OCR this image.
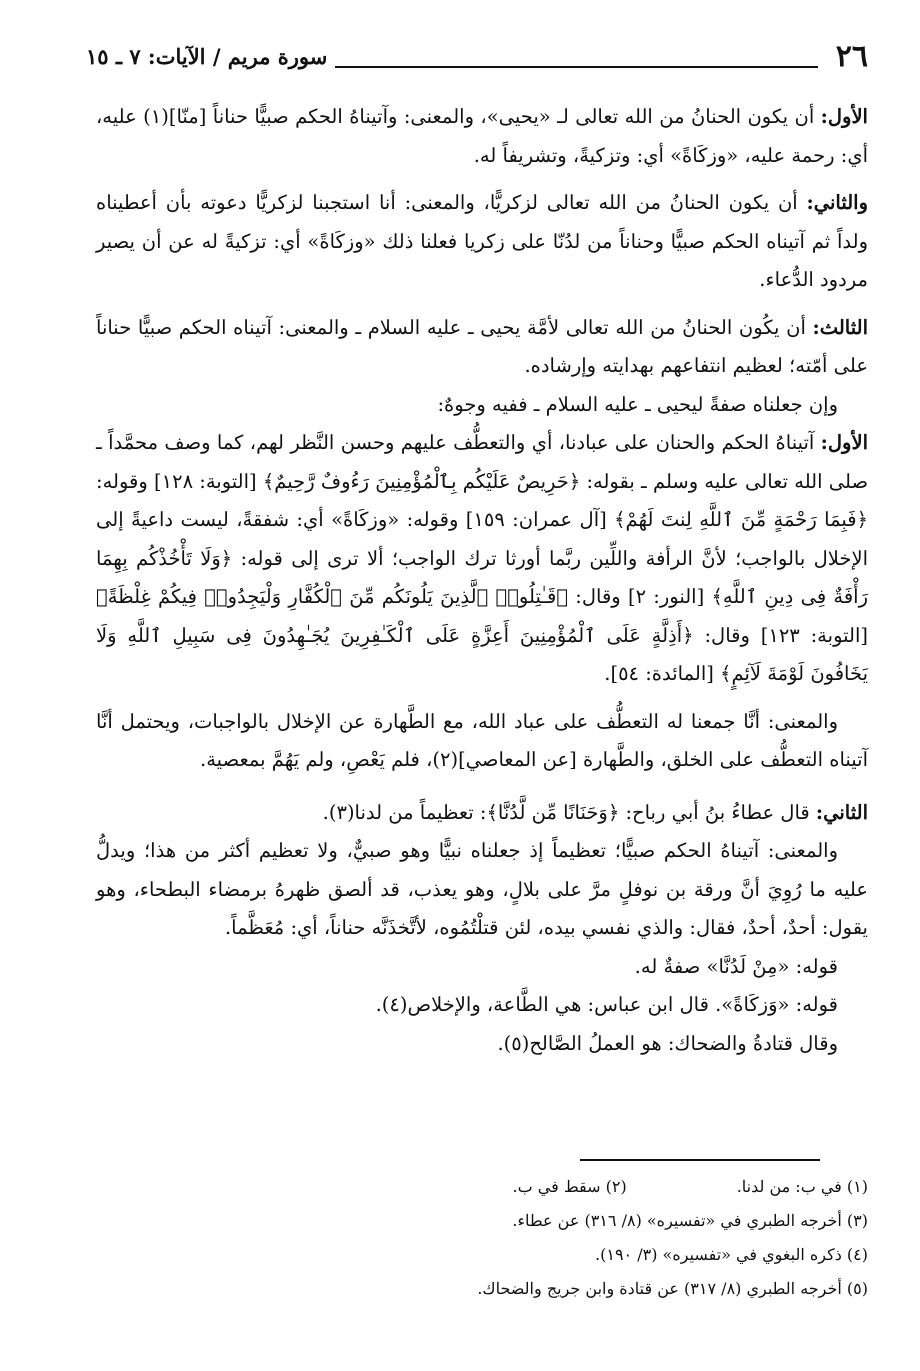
٢٦
سورة مريم / الآيات: ٧ ـ ١٥

الأول: أن يكون الحنانُ من الله تعالى لـ «يحيى»، والمعنى: وآتيناهُ الحكم صبيًّا حناناً [منّا](١) عليه، أي: رحمة عليه، «وزكَاةً» أي: وتزكيةً، وتشريفاً له.

والثاني: أن يكون الحنانُ من الله تعالى لزكريًّا، والمعنى: أنا استجبنا لزكريًّا دعوته بأن أعطيناه ولداً ثم آتيناه الحكم صبيًّا وحناناً من لدُنّا على زكريا فعلنا ذلك «وزكَاةً» أي: تزكيةً له عن أن يصير مردود الدُّعاء.

الثالث: أن يكُون الحنانُ من الله تعالى لأمَّة يحيى ـ عليه السلام ـ والمعنى: آتيناه الحكم صبيًّا حناناً على أمّته؛ لعظيم انتفاعهم بهدايته وإرشاده.

وإن جعلناه صفةً ليحيى ـ عليه السلام ـ ففيه وجوهٌ:

الأول: آتيناهُ الحكم والحنان على عبادنا، أي والتعطُّف عليهم وحسن النَّظر لهم، كما وصف محمَّداً ـ صلى الله تعالى عليه وسلم ـ بقوله: ﴿حَرِيصٌ عَلَيْكُم بِٱلْمُؤْمِنِينَ رَءُوفٌ رَّحِيمٌ﴾ [التوبة: ١٢٨] وقوله: ﴿فَبِمَا رَحْمَةٍ مِّنَ ٱللَّهِ لِنتَ لَهُمْ﴾ [آل عمران: ١٥٩] وقوله: «وزكَاةً» أي: شفقةً، ليست داعيةً إلى الإخلال بالواجب؛ لأنَّ الرأفة واللِّين ربَّما أورثا ترك الواجب؛ ألا ترى إلى قوله: ﴿وَلَا تَأْخُذْكُم بِهِمَا رَأْفَةٌ فِى دِينِ ٱللَّهِ﴾ [النور: ٢] وقال: ﴿قَـٰتِلُوا۟ ٱلَّذِينَ يَلُونَكُم مِّنَ ٱلْكُفَّارِ وَلْيَجِدُوا۟ فِيكُمْ غِلْظَةً﴾ [التوبة: ١٢٣] وقال: ﴿أَذِلَّةٍ عَلَى ٱلْمُؤْمِنِينَ أَعِزَّةٍ عَلَى ٱلْكَـٰفِرِينَ يُجَـٰهِدُونَ فِى سَبِيلِ ٱللَّهِ وَلَا يَخَافُونَ لَوْمَةَ لَآئِمٍ﴾ [المائدة: ٥٤].

والمعنى: أنَّا جمعنا له التعطُّف على عباد الله، مع الطَّهارة عن الإخلال بالواجبات، ويحتمل أنَّا آتيناه التعطُّف على الخلق، والطَّهارة [عن المعاصي](٢)، فلم يَعْصِ، ولم يَهُمَّ بمعصية.

الثاني: قال عطاءُ بنُ أبي رباح: ﴿وَحَنَانًا مِّن لَّدُنَّا﴾: تعظيماً من لدنا(٣).

والمعنى: آتيناهُ الحكم صبيًّا؛ تعظيماً إذ جعلناه نبيًّا وهو صبيٌّ، ولا تعظيم أكثر من هذا؛ ويدلُّ عليه ما رُوِيَ أنَّ ورقة بن نوفلٍ مرَّ على بلالٍ، وهو يعذب، قد ألصق ظهرهُ برمضاء البطحاء، وهو يقول: أحدٌ، أحدٌ، فقال: والذي نفسي بيده، لئن قتلْتُمُوه، لأتَّخذَنَّه حناناً، أي: مُعَظَّماً.

قوله: «مِنْ لَدُنَّا» صفةٌ له.

قوله: «وَزكَاةً». قال ابن عباس: هي الطَّاعة، والإخلاص(٤).

وقال قتادةُ والضحاك: هو العملُ الصَّالح(٥).

(١) في ب: من لدنا.
(٢) سقط في ب.
(٣) أخرجه الطبري في «تفسيره» (٨/ ٣١٦) عن عطاء.
(٤) ذكره البغوي في «تفسيره» (٣/ ١٩٠).
(٥) أخرجه الطبري (٨/ ٣١٧) عن قتادة وابن جريج والضحاك.
